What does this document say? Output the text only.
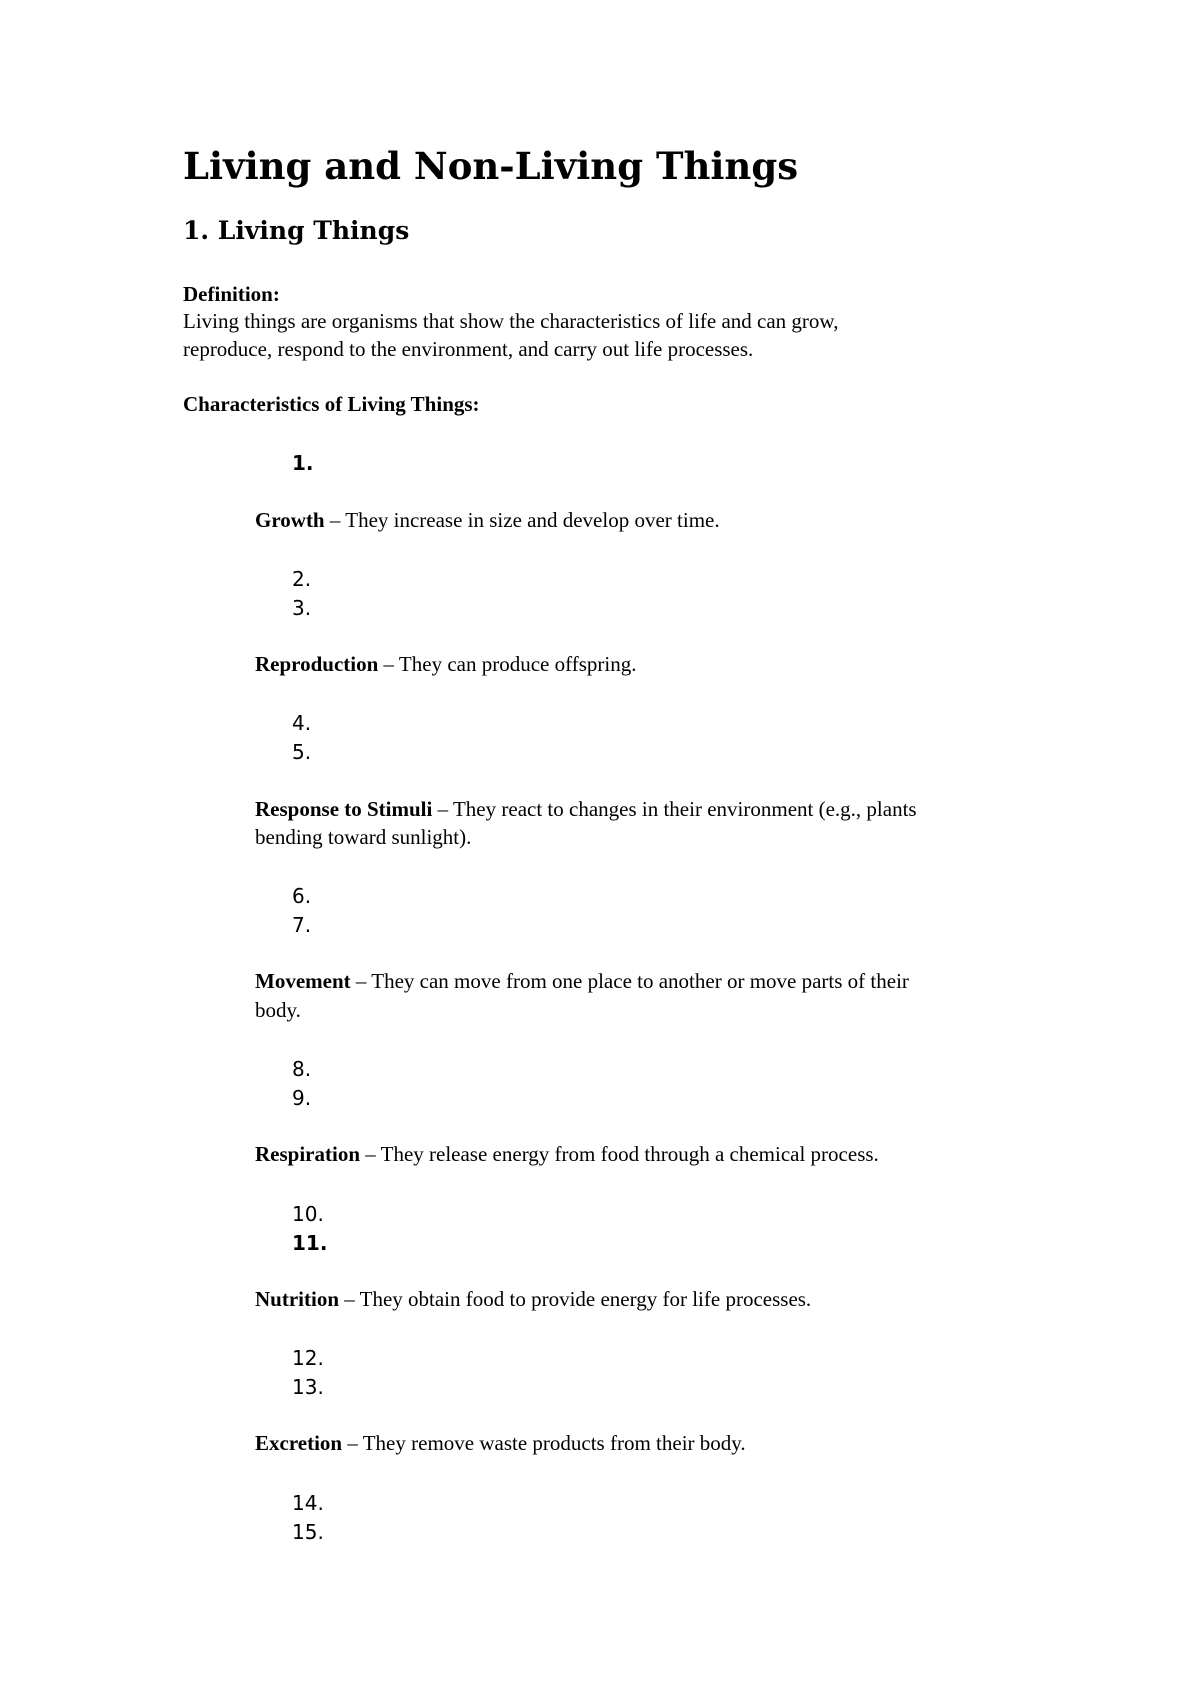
Living and Non-Living Things
1. Living Things

Definition:

Living things are organisms that show the characteristics of life and can grow,

reproduce, respond to the environment, and carry out life processes.

Characteristics of Living Things:

1.
2.
3.
4.
5.
6.
7.
8.
9.
10.
11.
12.
13.
14.
15.

Growth – They increase in size and develop over time.

Reproduction – They can produce offspring.

Response to Stimuli – They react to changes in their environment (e.g., plants

bending toward sunlight).

Movement – They can move from one place to another or move parts of their

body.

Respiration – They release energy from food through a chemical process.

Nutrition – They obtain food to provide energy for life processes.

Excretion – They remove waste products from their body.
